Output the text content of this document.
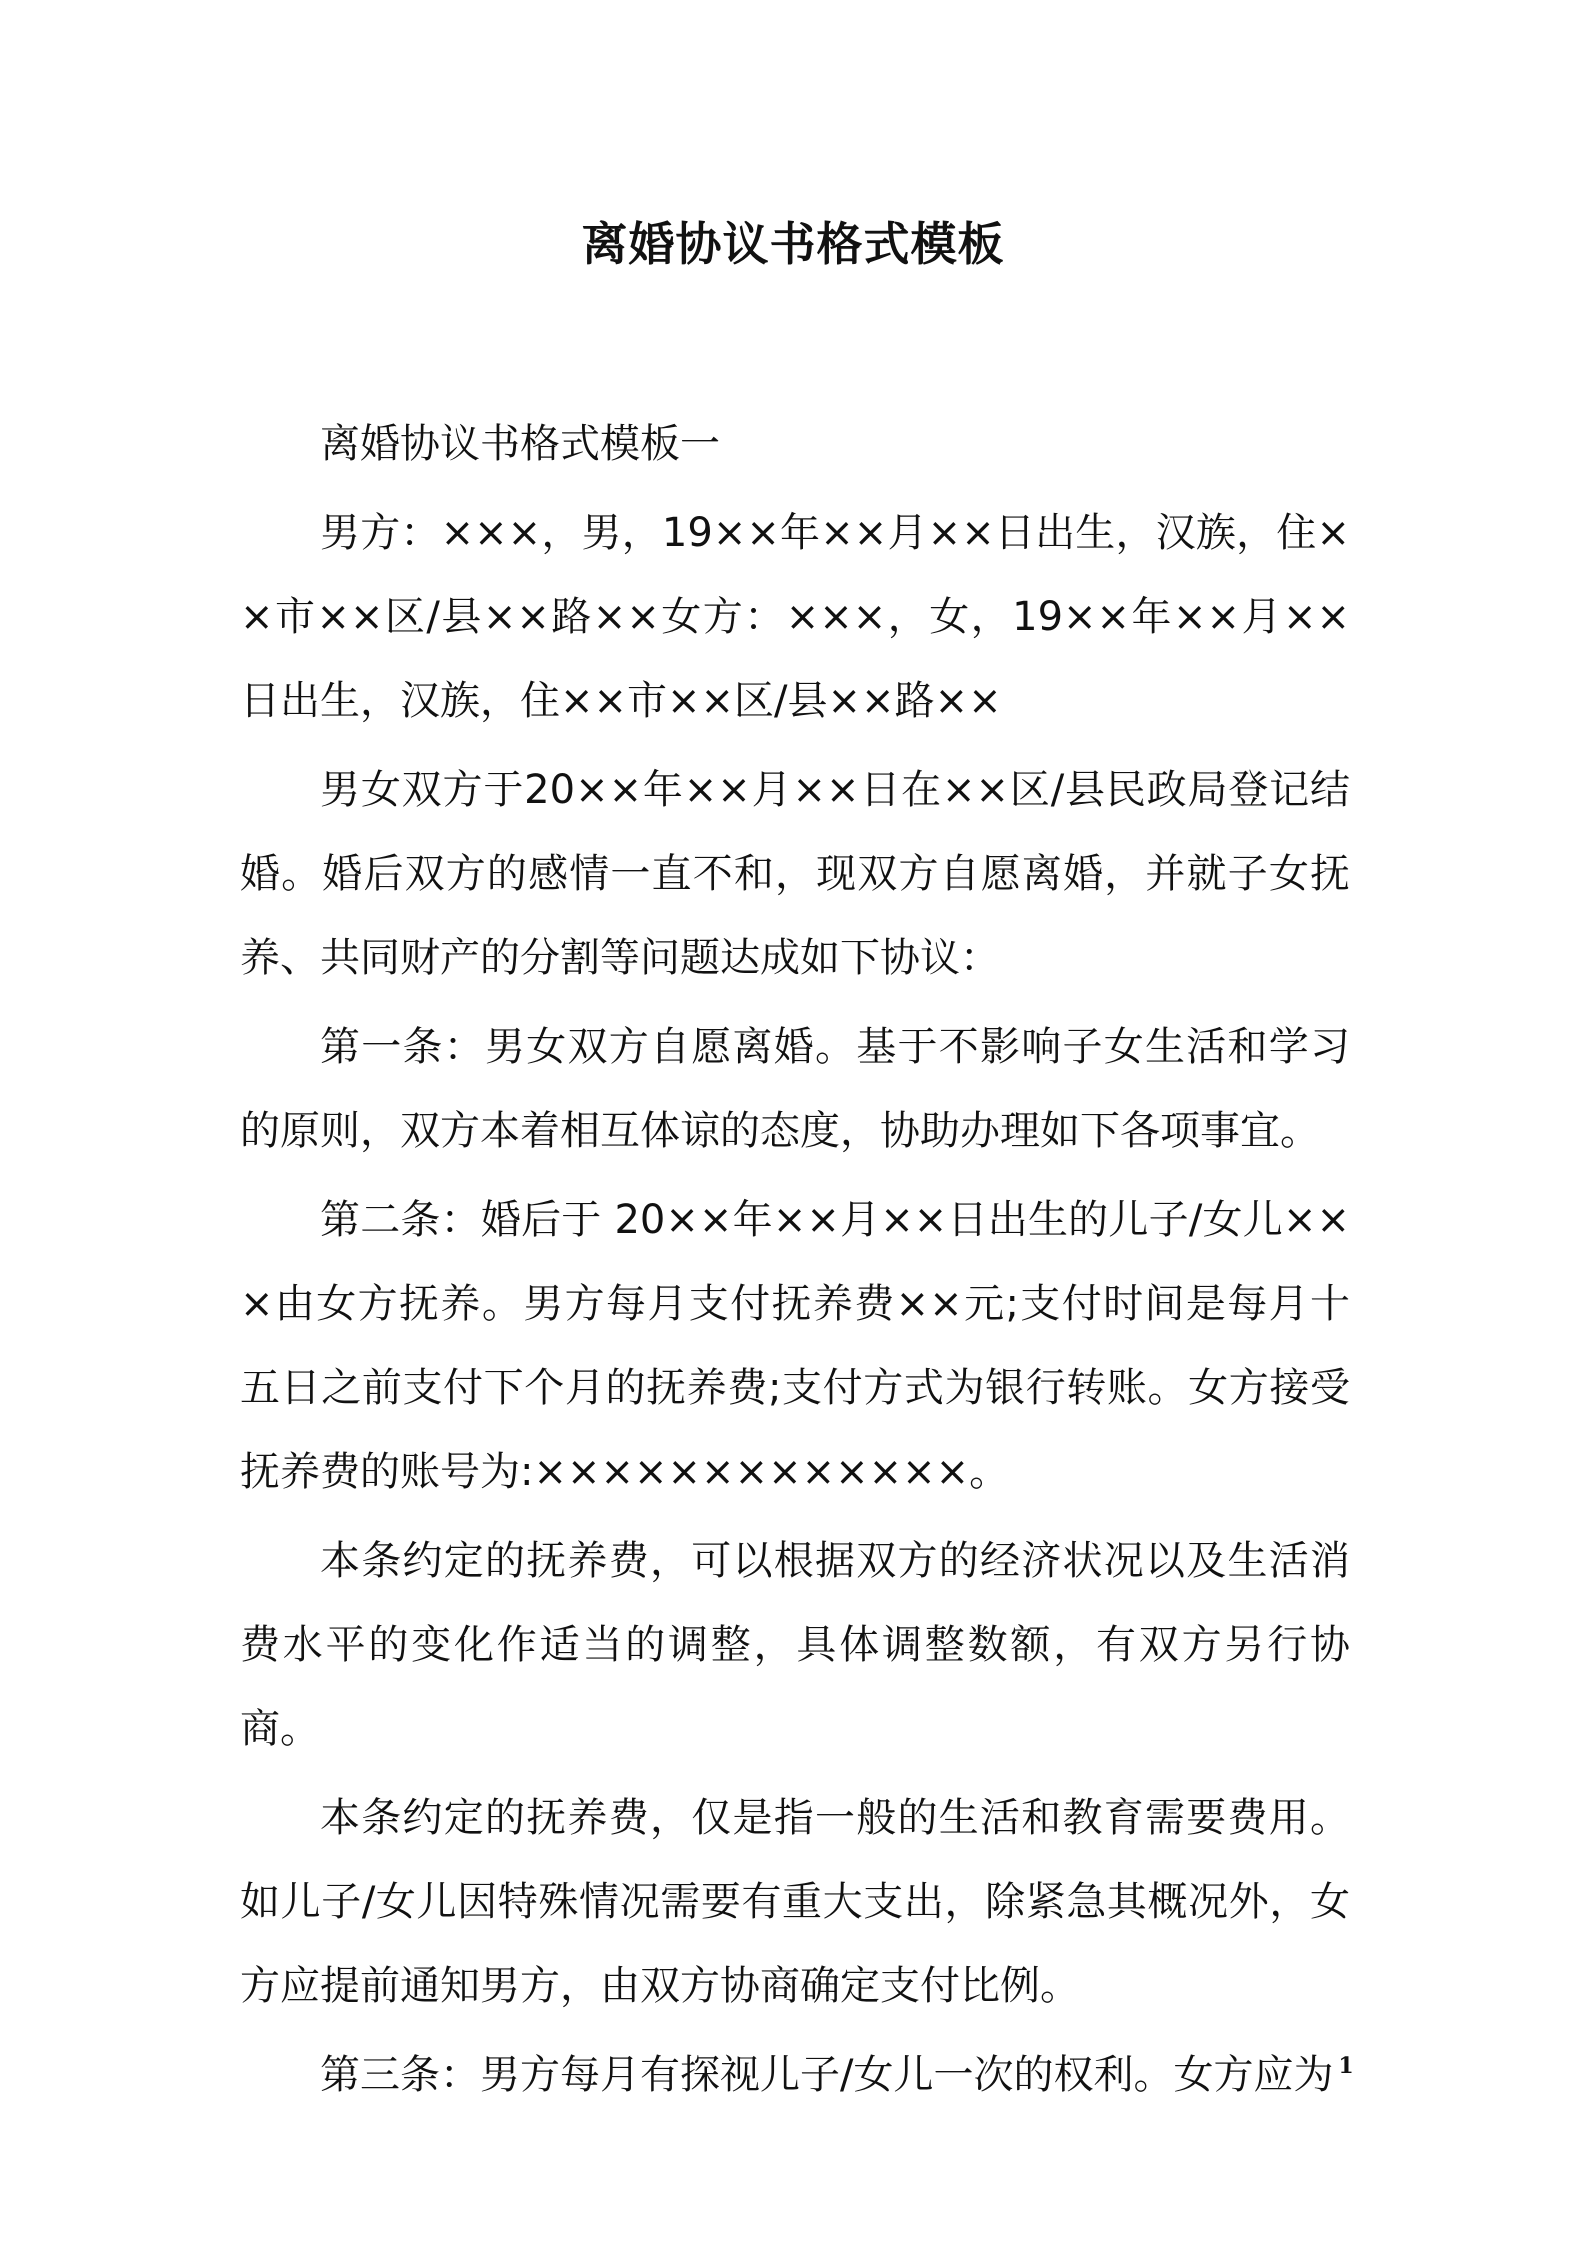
离婚协议书格式模板

离婚协议书格式模板一

男方：×××，男，19××年××月××日出生，汉族，住××市××区/县××路××女方：×××，女，19××年××月××日出生，汉族，住××市××区/县××路××

男女双方于20××年××月××日在××区/县民政局登记结婚。婚后双方的感情一直不和，现双方自愿离婚，并就子女抚养、共同财产的分割等问题达成如下协议：

第一条：男女双方自愿离婚。基于不影响子女生活和学习的原则，双方本着相互体谅的态度，协助办理如下各项事宜。

第二条：婚后于 20××年××月××日出生的儿子/女儿×××由女方抚养。男方每月支付抚养费××元;支付时间是每月十五日之前支付下个月的抚养费;支付方式为银行转账。女方接受抚养费的账号为:×××××××××××××。

本条约定的抚养费，可以根据双方的经济状况以及生活消费水平的变化作适当的调整，具体调整数额，有双方另行协商。

本条约定的抚养费，仅是指一般的生活和教育需要费用。如儿子/女儿因特殊情况需要有重大支出，除紧急其概况外，女方应提前通知男方，由双方协商确定支付比例。

第三条：男方每月有探视儿子/女儿一次的权利。女方应为 1
